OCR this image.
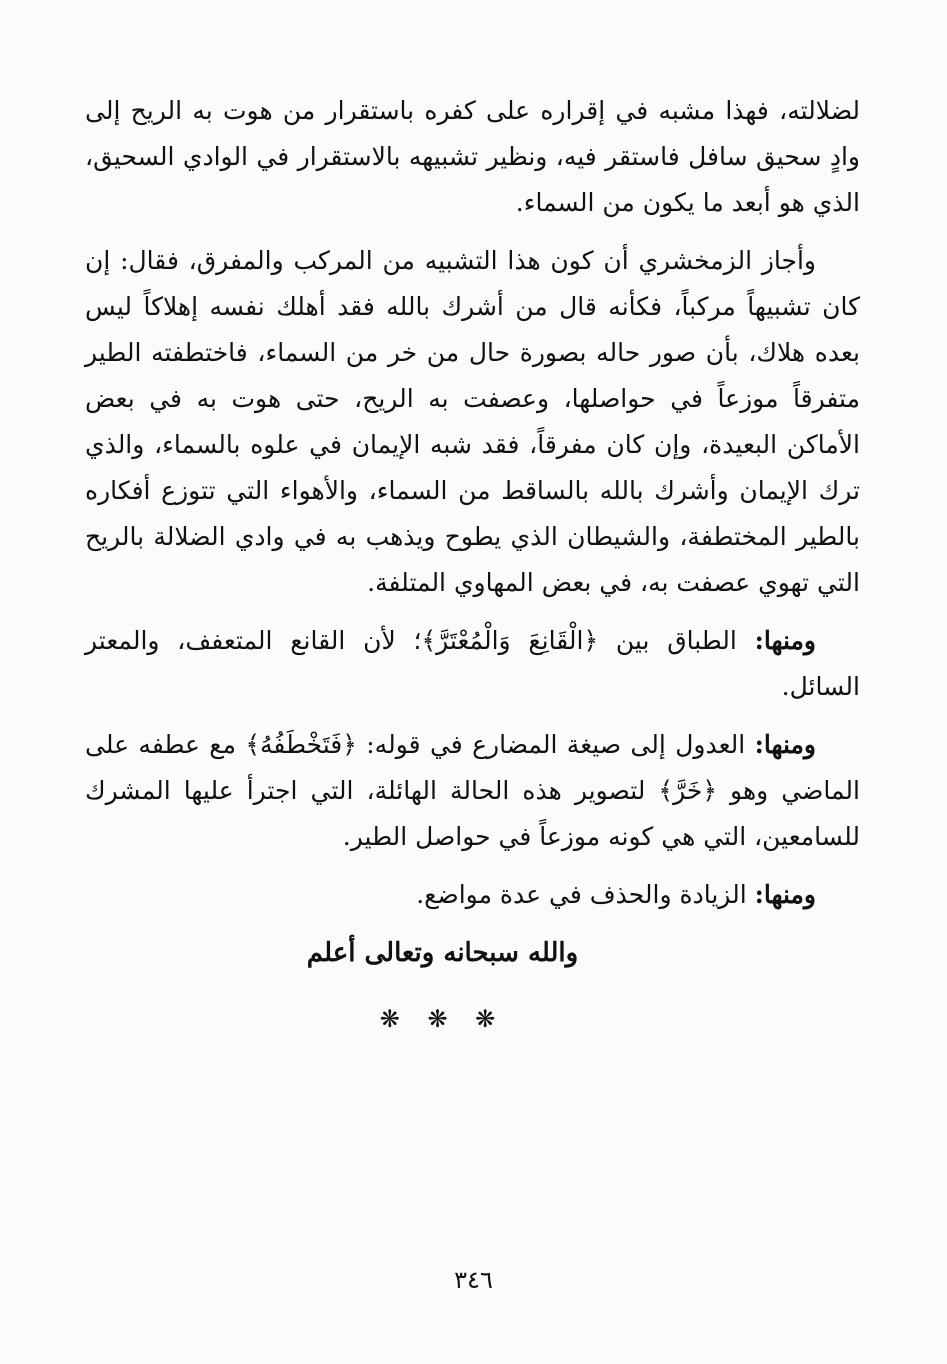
لضلالته، فهذا مشبه في إقراره على كفره باستقرار من هوت به الريح إلى وادٍ سحيق سافل فاستقر فيه، ونظير تشبيهه بالاستقرار في الوادي السحيق، الذي هو أبعد ما يكون من السماء.

وأجاز الزمخشري أن كون هذا التشبيه من المركب والمفرق، فقال: إن كان تشبيهاً مركباً، فكأنه قال من أشرك بالله فقد أهلك نفسه إهلاكاً ليس بعده هلاك، بأن صور حاله بصورة حال من خر من السماء، فاختطفته الطير متفرقاً موزعاً في حواصلها، وعصفت به الريح، حتى هوت به في بعض الأماكن البعيدة، وإن كان مفرقاً، فقد شبه الإيمان في علوه بالسماء، والذي ترك الإيمان وأشرك بالله بالساقط من السماء، والأهواء التي تتوزع أفكاره بالطير المختطفة، والشيطان الذي يطوح ويذهب به في وادي الضلالة بالريح التي تهوي عصفت به، في بعض المهاوي المتلفة.

ومنها: الطباق بين ﴿الْقَانِعَ وَالْمُعْتَرَّ﴾؛ لأن القانع المتعفف، والمعتر السائل.

ومنها: العدول إلى صيغة المضارع في قوله: ﴿فَتَخْطَفُهُ﴾ مع عطفه على الماضي وهو ﴿خَرَّ﴾ لتصوير هذه الحالة الهائلة، التي اجترأ عليها المشرك للسامعين، التي هي كونه موزعاً في حواصل الطير.

ومنها: الزيادة والحذف في عدة مواضع.

والله سبحانه وتعالى أعلم
❋ ❋ ❋
٣٤٦
